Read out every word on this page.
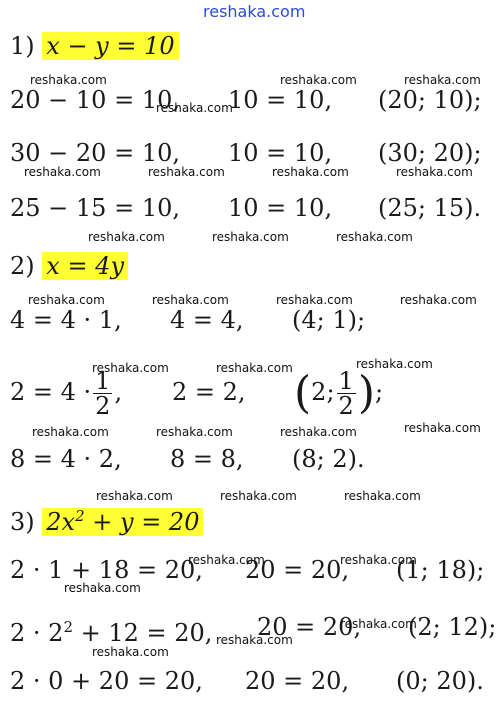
reshaka.com
1) x − y = 10
20 − 10 = 10, 10 = 10, (20; 10);
30 − 20 = 10, 10 = 10, (30; 20);
25 − 15 = 10, 10 = 10, (25; 15).
2) x = 4y
4 = 4 · 1, 4 = 4, (4; 1);
$2 = 4 \cdot \frac{1}{2}$ , 2 = 2, (2; $\frac{1}{2}$ );
8 = 4 · 2, 8 = 8, (8; 2).
3) $2x^2 + y = 20$
2 · 1 + 18 = 20, 20 = 20, (1; 18);
$2 \cdot 2^2 + 12 = 20$, 20 = 20, (2; 12);
2 · 0 + 20 = 20, 20 = 20, (0; 20).
reshaka.com	reshaka.com	reshaka.com
reshaka.com
reshaka.com	reshaka.com	reshaka.com	reshaka.com
reshaka.com	reshaka.com	reshaka.com
reshaka.com	reshaka.com	reshaka.com	reshaka.com
reshaka.com	reshaka.com	reshaka.com
reshaka.com	reshaka.com	reshaka.com	reshaka.com
reshaka.com	reshaka.com	reshaka.com
reshaka.com	reshaka.com
reshaka.com
reshaka.com
reshaka.com
reshaka.com
